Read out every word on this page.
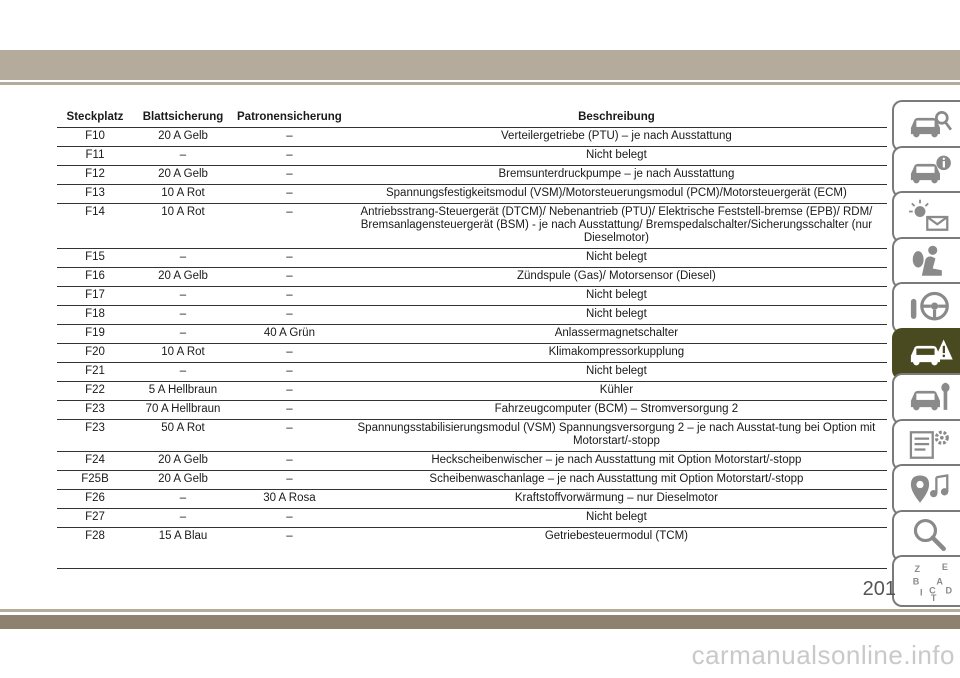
Steckplatz	Blattsicherung	Patronensicherung	Beschreibung
F10	20 A Gelb	–	Verteilergetriebe (PTU) – je nach Ausstattung
F11	–	–	Nicht belegt
F12	20 A Gelb	–	Bremsunterdruckpumpe – je nach Ausstattung
F13	10 A Rot	–	Spannungsfestigkeitsmodul (VSM)/Motorsteuerungsmodul (PCM)/Motorsteuergerät (ECM)
F14	10 A Rot	–	Antriebsstrang-Steuergerät (DTCM)/ Nebenantrieb (PTU)/ Elektrische Feststell-bremse (EPB)/ RDM/ Bremsanlagensteuergerät (BSM) - je nach Ausstattung/ Bremspedalschalter/Sicherungsschalter (nur Dieselmotor)
F15	–	–	Nicht belegt
F16	20 A Gelb	–	Zündspule (Gas)/ Motorsensor (Diesel)
F17	–	–	Nicht belegt
F18	–	–	Nicht belegt
F19	–	40 A Grün	Anlassermagnetschalter
F20	10 A Rot	–	Klimakompressorkupplung
F21	–	–	Nicht belegt
F22	5 A Hellbraun	–	Kühler
F23	70 A Hellbraun	–	Fahrzeugcomputer (BCM) – Stromversorgung 2
F23	50 A Rot	–	Spannungsstabilisierungsmodul (VSM) Spannungsversorgung 2 – je nach Ausstat-tung bei Option mit Motorstart/-stopp
F24	20 A Gelb	–	Heckscheibenwischer – je nach Ausstattung mit Option Motorstart/-stopp
F25B	20 A Gelb	–	Scheibenwaschanlage – je nach Ausstattung mit Option Motorstart/-stopp
F26	–	30 A Rosa	Kraftstoffvorwärmung – nur Dieselmotor
F27	–	–	Nicht belegt
F28	15 A Blau	–	Getriebesteuermodul (TCM)
Z E
B A
I C D
T
201
carmanualsonline.info
